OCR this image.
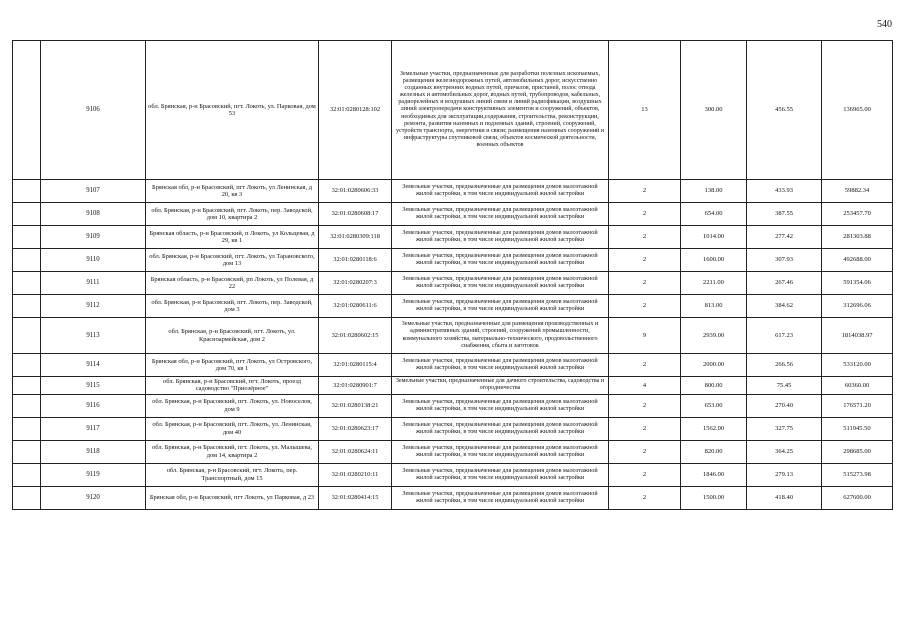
540
	9106	обл. Брянская, р-н Брасовский, пгт. Локоть, ул. Парковая, дом 53	32:01:0280128:102	Земельные участки, предназначенные для разработки полезных ископаемых, размещения железнодорожных путей, автомобильных дорог, искусственно созданных внутренних водных путей, причалов, пристаней, полос отвода железных и автомобильных дорог, водных путей, трубопроводов, кабельных, радиорелейных и воздушных линий связи и линий радиофикации, воздушных линий электропередачи конструктивных элементов и сооружений, объектов, необходимых для эксплуатации,содержания, строительства, реконструкции, ремонта, развития наземных и подземных зданий, строений, сооружений, устройств транспорта, энергетики и связи; размещения наземных сооружений и инфраструктуры спутниковой связи, объектов космической деятельности, военных объектов	13	300.00	456.55	136965.00
	9107	Брянская обл, р-н Брасовский, пгт Локоть, ул Ленинская, д 20, кв 3	32:01:0280606:33	Земельные участки, предназначенные для размещения домов малоэтажной жилой застройки, в том числе индивидуальной жилой застройки	2	138.00	433.93	59882.34
	9108	обл. Брянская, р-н Брасовский, пгт. Локоть, пер. Заводской, дом 10, квартира 2	32:01:0280608:17	Земельные участки, предназначенные для размещения домов малоэтажной жилой застройки, в том числе индивидуальной жилой застройки	2	654.00	387.55	253457.70
	9109	Брянская область, р-н Брасовский, п Локоть, ул Кольцевая, д 29, кв 1	32:01:0280309:118	Земельные участки, предназначенные для размещения домов малоэтажной жилой застройки, в том числе индивидуальной жилой застройки	2	1014.00	277.42	281303.88
	9110	обл. Брянская, р-н Брасовский, пгт. Локоть, ул Тарановского, дом 13	32:01:0280118:6	Земельные участки, предназначенные для размещения домов малоэтажной жилой застройки, в том числе индивидуальной жилой застройки	2	1600.00	307.93	492688.00
	9111	Брянская область, р-н Брасовский, рп Локоть, ул Полевая, д 22	32:01:0280207:3	Земельные участки, предназначенные для размещения домов малоэтажной жилой застройки, в том числе индивидуальной жилой застройки	2	2211.00	267.46	591354.06
	9112	обл. Брянская, р-н Брасовский, пгт. Локоть, пер. Заводской, дом 3	32:01:0280611:6	Земельные участки, предназначенные для размещения домов малоэтажной жилой застройки, в том числе индивидуальной жилой застройки	2	813.00	384.62	312696.06
	9113	обл. Брянская, р-н Брасовский, пгт. Локоть, ул. Красноармейская, дом 2	32:01:0280602:15	Земельные участки, предназначенные для размещения производственных и административных зданий, строений, сооружений промышленности, коммунального хозяйства, материально-технического, продовольственного снабжения, сбыта и заготовок	9	2939.00	617.23	1814038.97
	9114	Брянская обл, р-н Брасовский, пгт Локоть, ул Островского, дом 70, кв 1	32:01:0280115:4	Земельные участки, предназначенные для размещения домов малоэтажной жилой застройки, в том числе индивидуальной жилой застройки	2	2000.00	266.56	533120.00
	9115	обл. Брянская, р-н Брасовский, пгт. Локоть, проезд садоводство "Приозёрное"	32:01:0280901:7	Земельные участки, предназначенные для дачного строительства, садоводства и огородничества	4	800.00	75.45	60360.00
	9116	обл. Брянская, р-н Брасовский, пгт. Локоть, ул. Новоселов, дом 9	32:01:0280138:21	Земельные участки, предназначенные для размещения домов малоэтажной жилой застройки, в том числе индивидуальной жилой застройки	2	653.00	270.40	176571.20
	9117	обл. Брянская, р-н Брасовский, пгт. Локоть, ул. Ленинская, дом 40	32:01:0280623:17	Земельные участки, предназначенные для размещения домов малоэтажной жилой застройки, в том числе индивидуальной жилой застройки	2	1562.00	327.75	511945.50
	9118	обл. Брянская, р-н Брасовский, пгт. Локоть, ул. Малышева, дом 14, квартира 2	32:01:0280624:11	Земельные участки, предназначенные для размещения домов малоэтажной жилой застройки, в том числе индивидуальной жилой застройки	2	820.00	364.25	298685.00
	9119	обл. Брянская, р-н Брасовский, пгт. Локоть, пер. Транспортный, дом 15	32:01:0280210:11	Земельные участки, предназначенные для размещения домов малоэтажной жилой застройки, в том числе индивидуальной жилой застройки	2	1846.00	279.13	515273.98
	9120	Брянская обл, р-н Брасовский, пгт Локоть, ул Парковая, д 23	32:01:0280414:15	Земельные участки, предназначенные для размещения домов малоэтажной жилой застройки, в том числе индивидуальной жилой застройки	2	1500.00	418.40	627600.00
